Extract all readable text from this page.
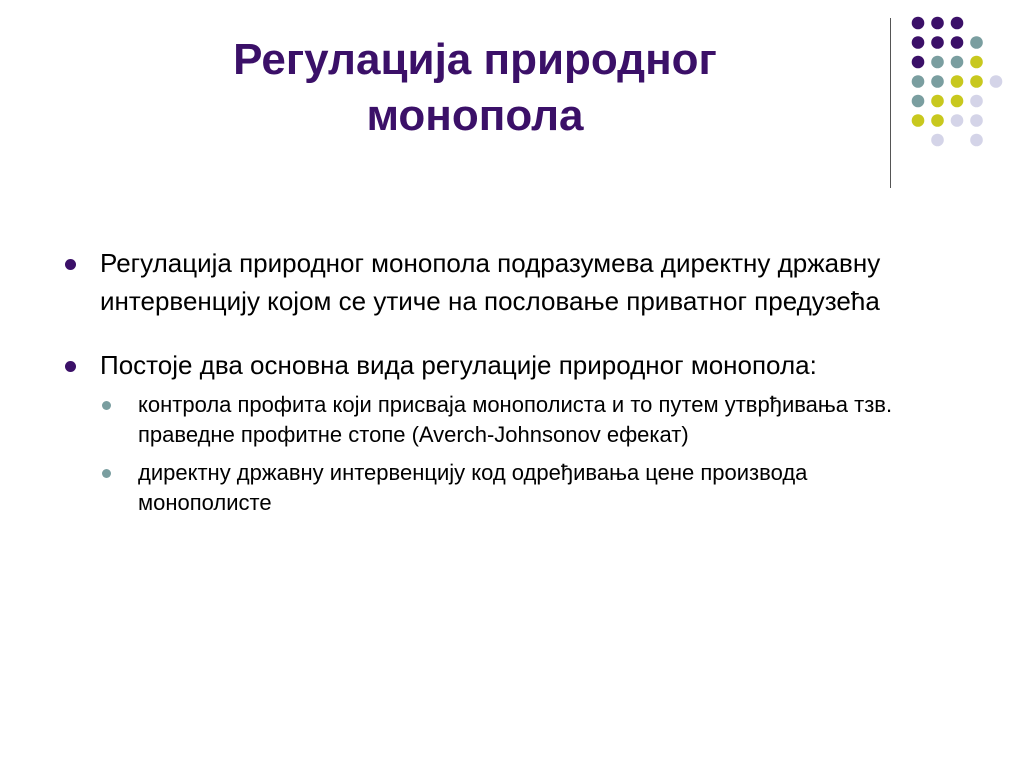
Регулација природног
монопола
Регулација природног монопола подразумева директну државну интервенцију којом се утиче на пословање приватног предузећа
Постоје два основна вида регулације природног монопола:
контрола профита који присваја монополиста и то путем утврђивања тзв. праведне профитне стопе (Averch-Johnsonov ефекат)
директну државну интервенцију код одређивања цене производа монополисте
